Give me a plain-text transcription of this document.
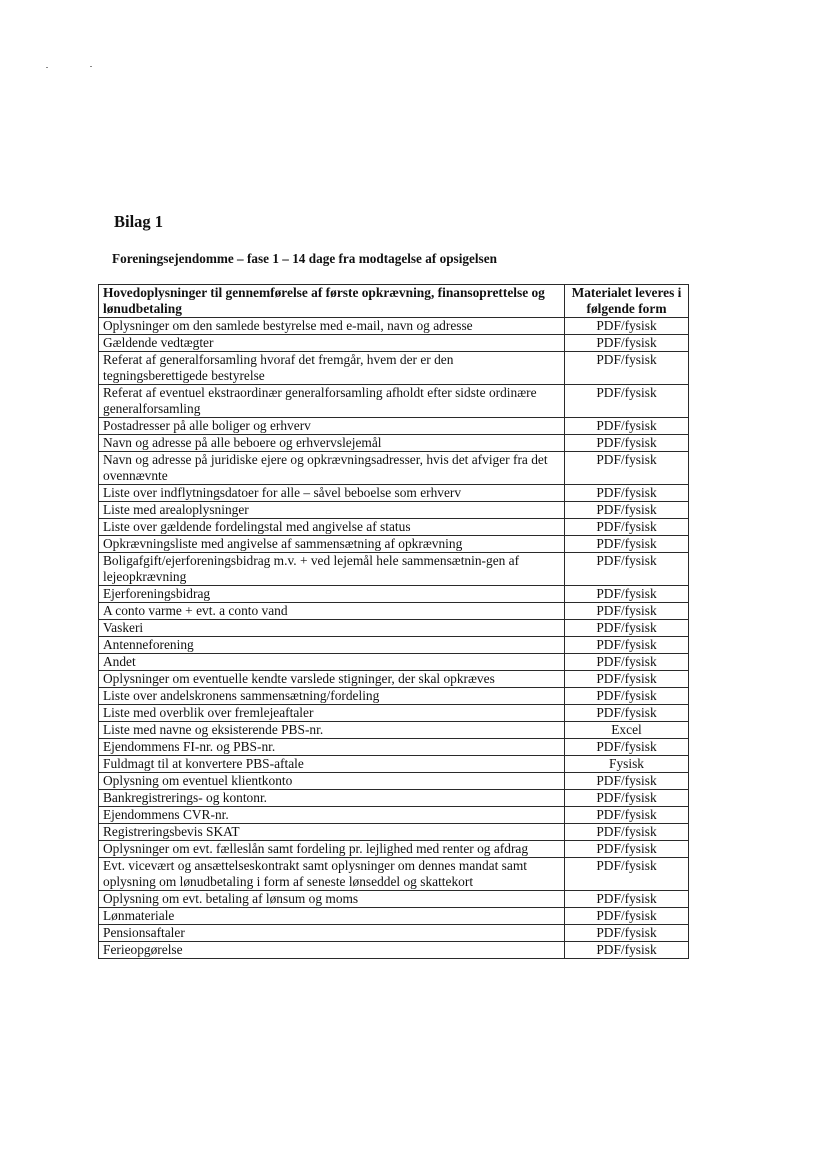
Bilag 1
Foreningsejendomme – fase 1 – 14 dage fra modtagelse af opsigelsen
Hovedoplysninger til gennemførelse af første opkrævning, finansoprettelse og lønudbetaling	Materialet leveres i følgende form
Oplysninger om den samlede bestyrelse med e-mail, navn og adresse	PDF/fysisk
Gældende vedtægter	PDF/fysisk
Referat af generalforsamling hvoraf det fremgår, hvem der er den tegningsberettigede bestyrelse	PDF/fysisk
Referat af eventuel ekstraordinær generalforsamling afholdt efter sidste ordinære generalforsamling	PDF/fysisk
Postadresser på alle boliger og erhverv	PDF/fysisk
Navn og adresse på alle beboere og erhvervslejemål	PDF/fysisk
Navn og adresse på juridiske ejere og opkrævningsadresser, hvis det afviger fra det ovennævnte	PDF/fysisk
Liste over indflytningsdatoer for alle – såvel beboelse som erhverv	PDF/fysisk
Liste med arealoplysninger	PDF/fysisk
Liste over gældende fordelingstal med angivelse af status	PDF/fysisk
Opkrævningsliste med angivelse af sammensætning af opkrævning	PDF/fysisk
Boligafgift/ejerforeningsbidrag m.v. + ved lejemål hele sammensætnin-gen af lejeopkrævning	PDF/fysisk
Ejerforeningsbidrag	PDF/fysisk
A conto varme + evt. a conto vand	PDF/fysisk
Vaskeri	PDF/fysisk
Antenneforening	PDF/fysisk
Andet	PDF/fysisk
Oplysninger om eventuelle kendte varslede stigninger, der skal opkræves	PDF/fysisk
Liste over andelskronens sammensætning/fordeling	PDF/fysisk
Liste med overblik over fremlejeaftaler	PDF/fysisk
Liste med navne og eksisterende PBS-nr.	Excel
Ejendommens FI-nr. og PBS-nr.	PDF/fysisk
Fuldmagt til at konvertere PBS-aftale	Fysisk
Oplysning om eventuel klientkonto	PDF/fysisk
Bankregistrerings- og kontonr.	PDF/fysisk
Ejendommens CVR-nr.	PDF/fysisk
Registreringsbevis SKAT	PDF/fysisk
Oplysninger om evt. fælleslån samt fordeling pr. lejlighed med renter og afdrag	PDF/fysisk
Evt. vicevært og ansættelseskontrakt samt oplysninger om dennes mandat samt oplysning om lønudbetaling i form af seneste lønseddel og skattekort	PDF/fysisk
Oplysning om evt. betaling af lønsum og moms	PDF/fysisk
Lønmateriale	PDF/fysisk
Pensionsaftaler	PDF/fysisk
Ferieopgørelse	PDF/fysisk
